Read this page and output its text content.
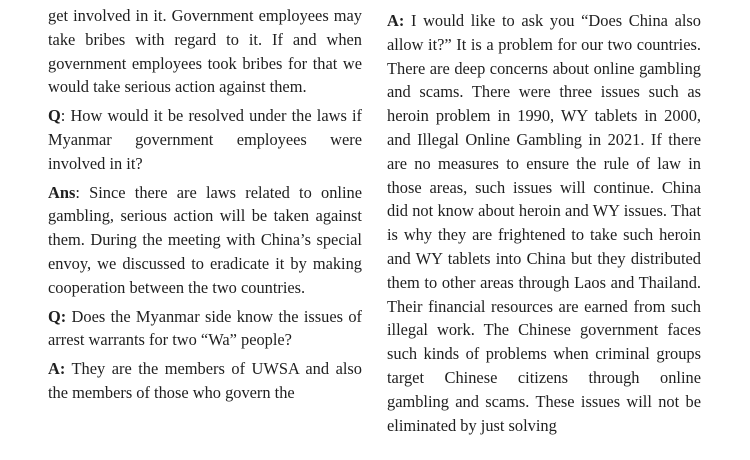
get involved in it. Government employees may take bribes with regard to it. If and when government employees took bribes for that we would take serious action against them.

Q: How would it be resolved under the laws if Myanmar government employees were involved in it?

Ans: Since there are laws related to online gambling, serious action will be taken against them. During the meeting with China’s special envoy, we discussed to eradicate it by making cooperation between the two countries.

Q: Does the Myanmar side know the issues of arrest warrants for two “Wa” people?

A: They are the members of UWSA and also the members of those who govern the

A: I would like to ask you “Does China also allow it?” It is a problem for our two countries. There are deep concerns about online gambling and scams. There were three issues such as heroin problem in 1990, WY tablets in 2000, and Illegal Online Gambling in 2021. If there are no measures to ensure the rule of law in those areas, such issues will continue. China did not know about heroin and WY issues. That is why they are frightened to take such heroin and WY tablets into China but they distributed them to other areas through Laos and Thailand. Their financial resources are earned from such illegal work. The Chinese government faces such kinds of problems when criminal groups target Chinese citizens through online gambling and scams. These issues will not be eliminated by just solving
